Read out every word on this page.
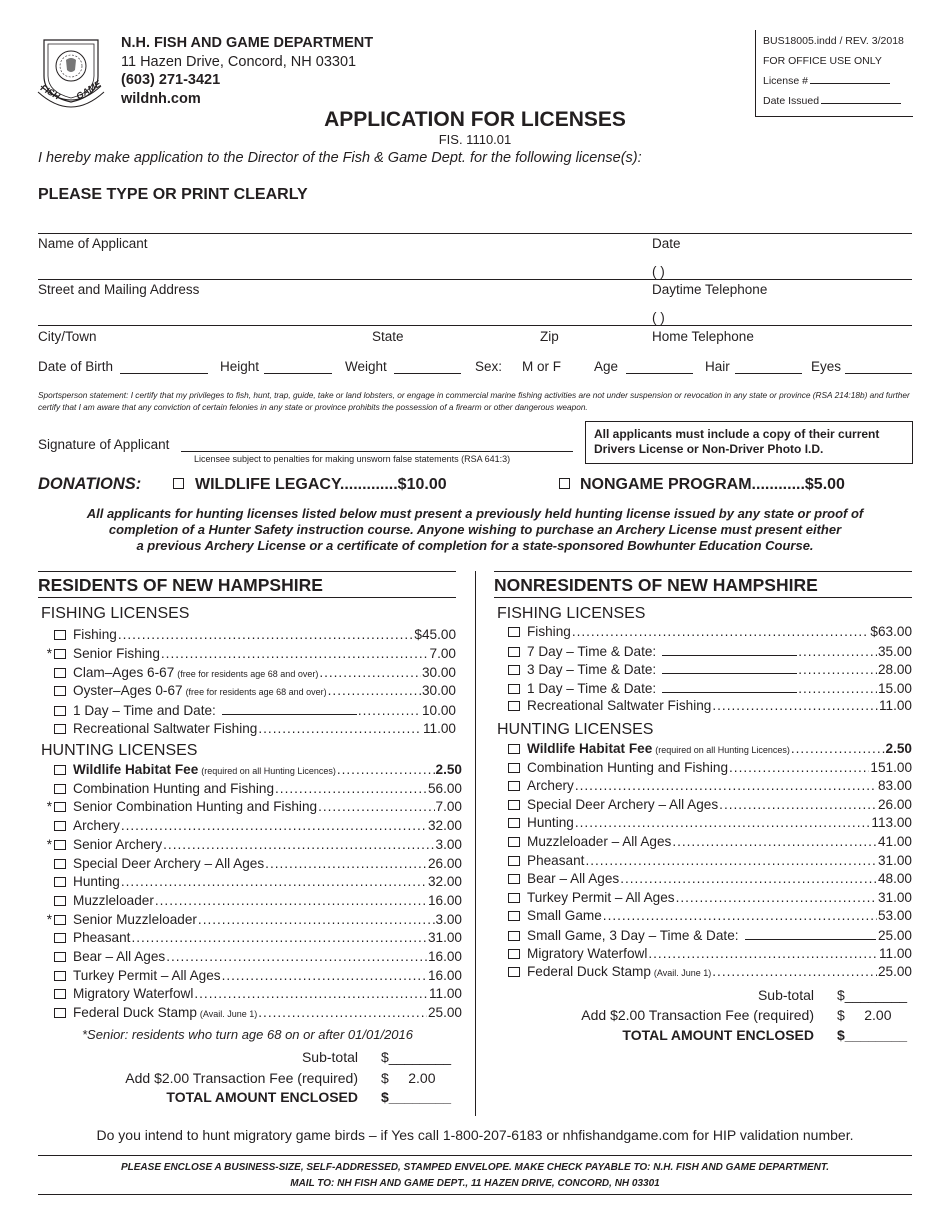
FISH GAME
N.H. FISH AND GAME DEPARTMENT
11 Hazen Drive, Concord, NH 03301
(603) 271-3421
wildnh.com
BUS18005.indd / REV. 3/2018
FOR OFFICE USE ONLY
License #
Date Issued
APPLICATION FOR LICENSES
FIS. 1110.01
I hereby make application to the Director of the Fish & Game Dept. for the following license(s):
PLEASE TYPE OR PRINT CLEARLY
Name of Applicant	Date
( )
Street and Mailing Address	Daytime Telephone
( )
City/Town	State	Zip	Home Telephone
Date of Birth	Height	Weight	Sex: M or F Age	Hair	Eyes
Sportsperson statement: I certify that my privileges to fish, hunt, trap, guide, take or land lobsters, or engage in commercial marine fishing activities are not under suspension or revocation in any state or province (RSA 214:18b) and further certify that I am aware that any conviction of certain felonies in any state or province prohibits the possession of a firearm or other dangerous weapon.
Signature of Applicant
Licensee subject to penalties for making unsworn false statements (RSA 641:3)
All applicants must include a copy of their current Drivers License or Non-Driver Photo I.D.
DONATIONS:	WILDLIFE LEGACY.............$10.00	NONGAME PROGRAM............$5.00
All applicants for hunting licenses listed below must present a previously held hunting license issued by any state or proof of
completion of a Hunter Safety instruction course. Anyone wishing to purchase an Archery License must present either
a previous Archery License or a certificate of completion for a state-sponsored Bowhunter Education Course.
RESIDENTS OF NEW HAMPSHIRE
FISHING LICENSES
HUNTING LICENSES
Fishing .....	$45.00
* Senior Fishing .....	7.00
Clam–Ages 6-67 (free for residents age 68 and over) .....	30.00
Oyster–Ages 0-67 (free for residents age 68 and over) .....	30.00
1 Day – Time and Date: .....	10.00
Recreational Saltwater Fishing .....	11.00
Wildlife Habitat Fee (required on all Hunting Licences) .....	2.50
Combination Hunting and Fishing .....	56.00
* Senior Combination Hunting and Fishing .....	7.00
Archery .....	32.00
* Senior Archery .....	3.00
Special Deer Archery – All Ages .....	26.00
Hunting .....	32.00
Muzzleloader .....	16.00
* Senior Muzzleloader .....	3.00
Pheasant .....	31.00
Bear – All Ages .....	16.00
Turkey Permit – All Ages .....	16.00
Migratory Waterfowl .....	11.00
Federal Duck Stamp (Avail. June 1) .....	25.00
*Senior: residents who turn age 68 on or after 01/01/2016
Sub-total $________
Add $2.00 Transaction Fee (required) $     2.00
TOTAL AMOUNT ENCLOSED $________
NONRESIDENTS OF NEW HAMPSHIRE
FISHING LICENSES
HUNTING LICENSES
Fishing .....	$63.00
7 Day – Time & Date: .....	35.00
3 Day – Time & Date: .....	28.00
1 Day – Time & Date: .....	15.00
Recreational Saltwater Fishing .....	11.00
Wildlife Habitat Fee (required on all Hunting Licences) .....	2.50
Combination Hunting and Fishing .....	151.00
Archery .....	83.00
Special Deer Archery – All Ages .....	26.00
Hunting .....	113.00
Muzzleloader – All Ages .....	41.00
Pheasant .....	31.00
Bear – All Ages .....	48.00
Turkey Permit – All Ages .....	31.00
Small Game .....	53.00
Small Game, 3 Day – Time & Date:	25.00
Migratory Waterfowl .....	11.00
Federal Duck Stamp (Avail. June 1) .....	25.00
Sub-total $________
Add $2.00 Transaction Fee (required) $     2.00
TOTAL AMOUNT ENCLOSED $________
Do you intend to hunt migratory game birds – if Yes call 1-800-207-6183 or nhfishandgame.com for HIP validation number.
PLEASE ENCLOSE A BUSINESS-SIZE, SELF-ADDRESSED, STAMPED ENVELOPE. MAKE CHECK PAYABLE TO: N.H. FISH AND GAME DEPARTMENT.
MAIL TO: NH FISH AND GAME DEPT., 11 HAZEN DRIVE, CONCORD, NH 03301
